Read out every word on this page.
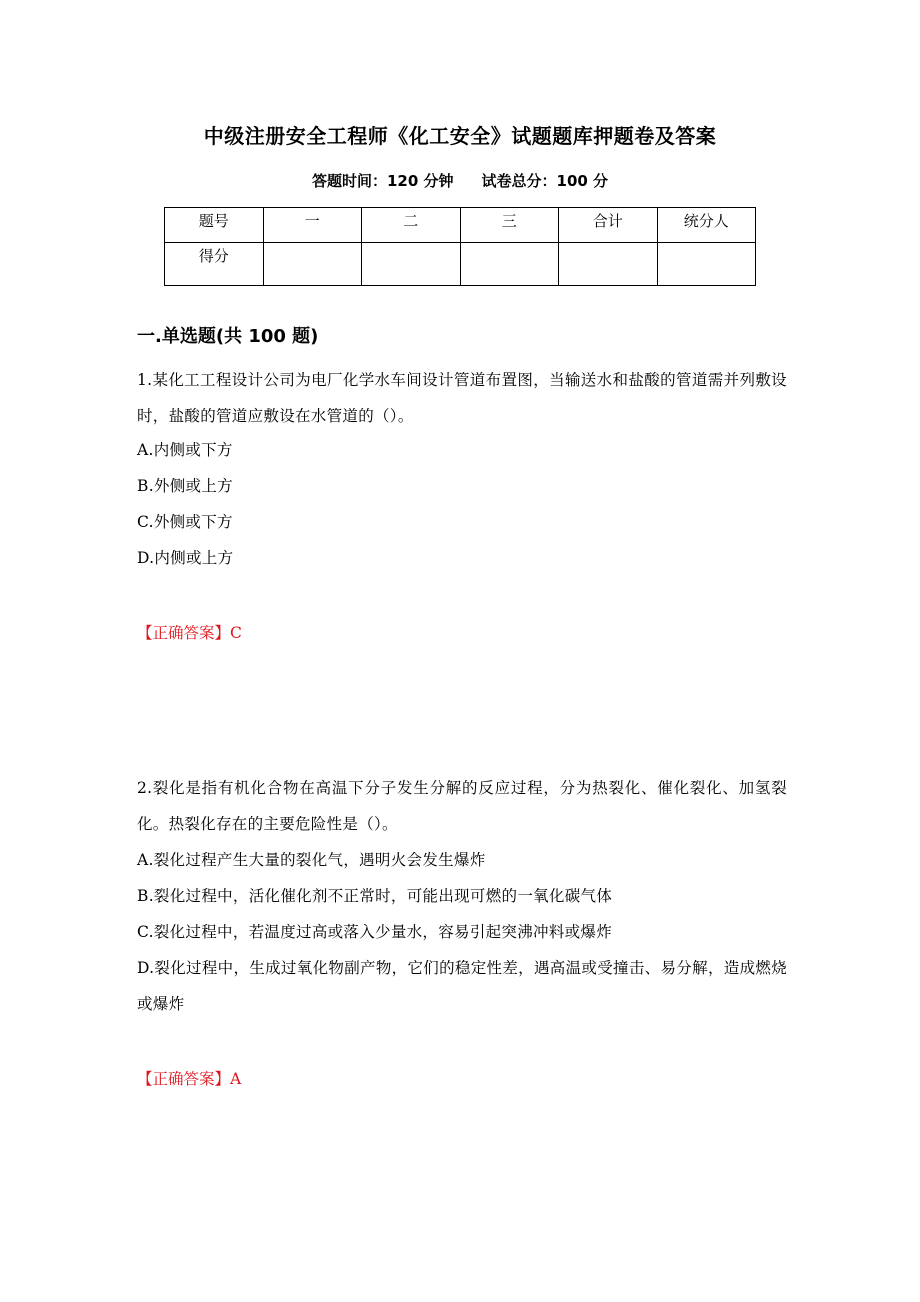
中级注册安全工程师《化工安全》试题题库押题卷及答案
答题时间：120 分钟 试卷总分：100 分
题号	一	二	三	合计	统分人
得分					
一.单选题(共 100 题)

1.某化工工程设计公司为电厂化学水车间设计管道布置图，当输送水和盐酸的管道需并列敷设时，盐酸的管道应敷设在水管道的（）。

A.内侧或下方

B.外侧或上方

C.外侧或下方

D.内侧或上方

【正确答案】C

2.裂化是指有机化合物在高温下分子发生分解的反应过程，分为热裂化、催化裂化、加氢裂化。热裂化存在的主要危险性是（）。

A.裂化过程产生大量的裂化气，遇明火会发生爆炸

B.裂化过程中，活化催化剂不正常时，可能出现可燃的一氧化碳气体

C.裂化过程中，若温度过高或落入少量水，容易引起突沸冲料或爆炸

D.裂化过程中，生成过氧化物副产物，它们的稳定性差，遇高温或受撞击、易分解，造成燃烧或爆炸

【正确答案】A
